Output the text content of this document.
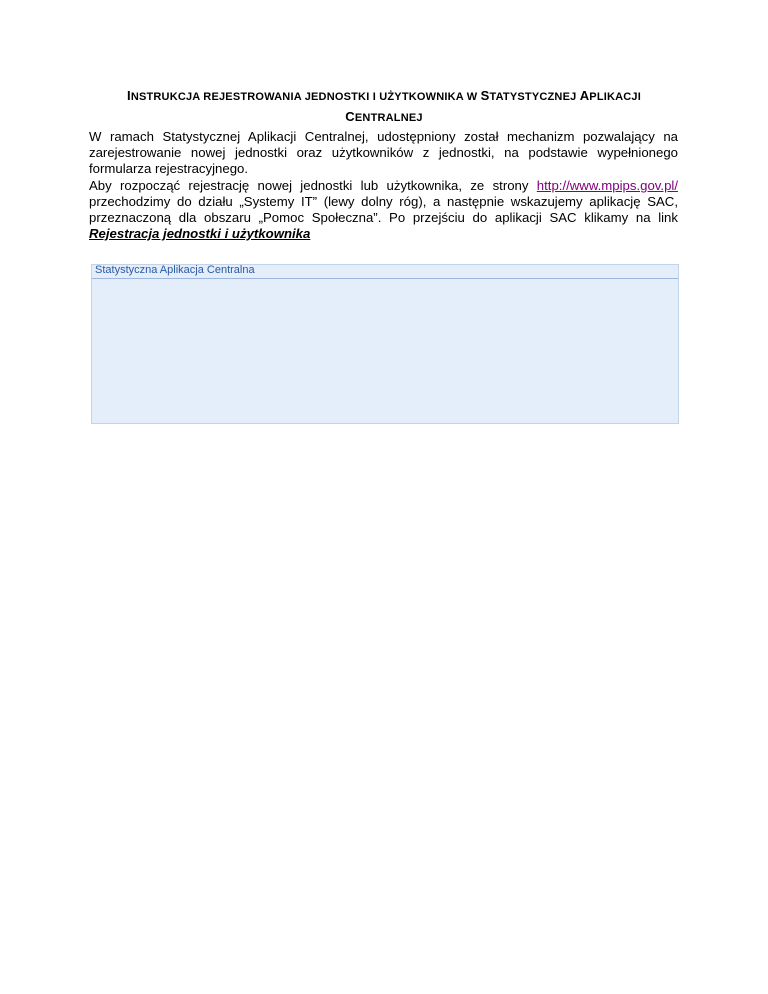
INSTRUKCJA REJESTROWANIA JEDNOSTKI I UŻYTKOWNIKA W STATYSTYCZNEJ APLIKACJI
CENTRALNEJ
W ramach Statystycznej Aplikacji Centralnej, udostępniony został mechanizm pozwalający na zarejestrowanie nowej jednostki oraz użytkowników z jednostki, na podstawie wypełnionego formularza rejestracyjnego.
Aby rozpocząć rejestrację nowej jednostki lub użytkownika, ze strony http://www.mpips.gov.pl/ przechodzimy do działu „Systemy IT” (lewy dolny róg), a następnie wskazujemy aplikację SAC, przeznaczoną dla obszaru „Pomoc Społeczna”. Po przejściu do aplikacji SAC klikamy na link Rejestracja jednostki i użytkownika
Statystyczna Aplikacja Centralna
